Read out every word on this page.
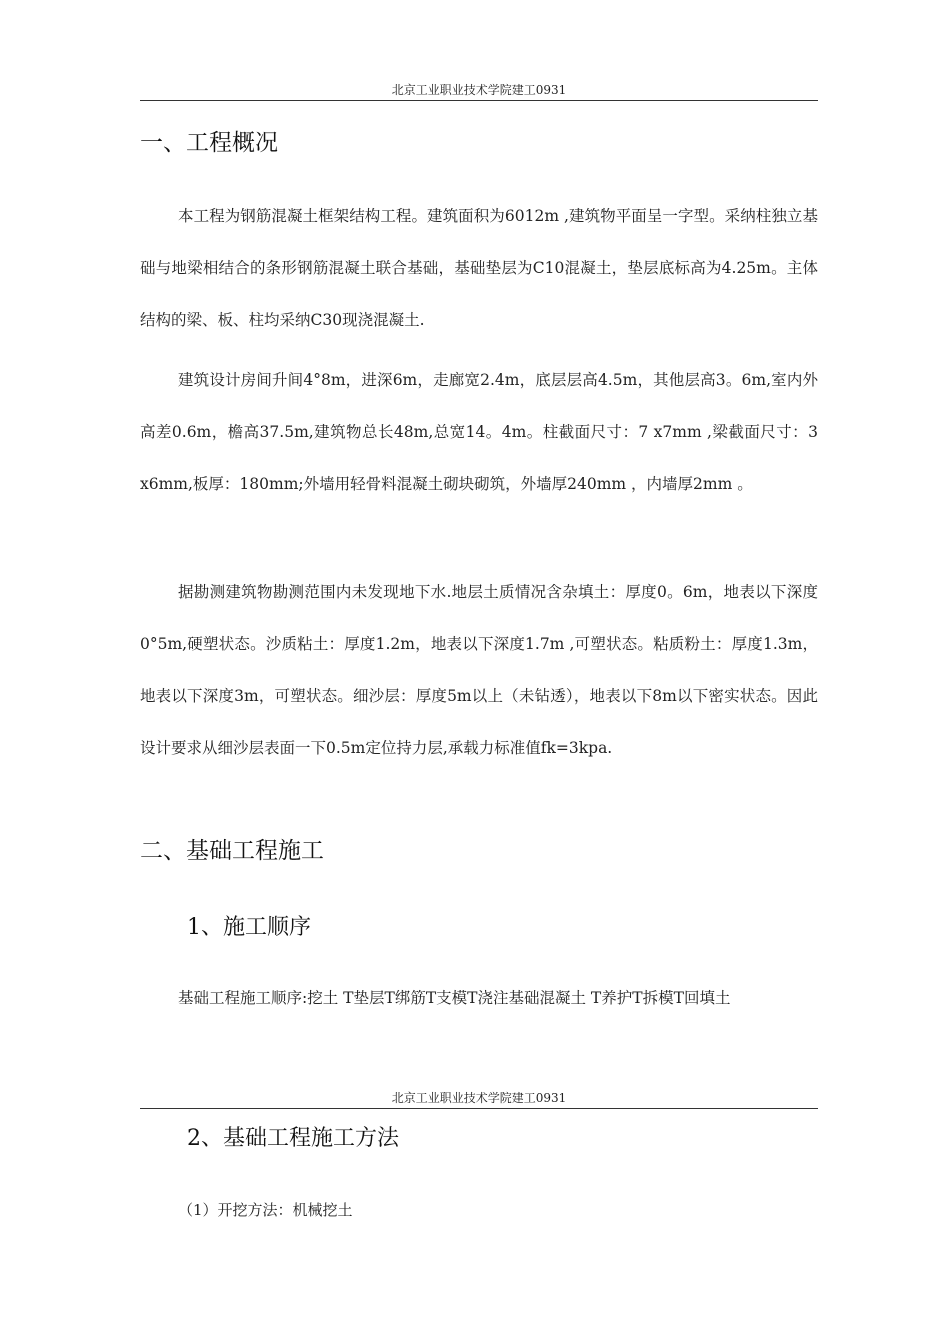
北京工业职业技术学院建工0931
一、工程概况

本工程为钢筋混凝土框架结构工程。建筑面积为6012m ,建筑物平面呈一字型。采纳柱独立基础与地梁相结合的条形钢筋混凝土联合基础，基础垫层为C10混凝土，垫层底标高为4.25m。主体结构的梁、板、柱均采纳C30现浇混凝土.

建筑设计房间升间4°8m，进深6m，走廊宽2.4m，底层层高4.5m，其他层高3。6m,室内外高差0.6m，檐高37.5m,建筑物总长48m,总宽14。4m。柱截面尺寸：7 x7mm ,梁截面尺寸：3 x6mm,板厚：180mm;外墙用轻骨料混凝土砌块砌筑，外墙厚240mm ，内墙厚2mm 。

据勘测建筑物勘测范围内未发现地下水.地层土质情况含杂填土：厚度0。6m，地表以下深度0°5m,硬塑状态。沙质粘土：厚度1.2m，地表以下深度1.7m ,可塑状态。粘质粉土：厚度1.3m，地表以下深度3m，可塑状态。细沙层：厚度5m以上（未钻透），地表以下8m以下密实状态。因此设计要求从细沙层表面一下0.5m定位持力层,承载力标准值fk=3kpa.

二、基础工程施工
1、施工顺序

基础工程施工顺序:挖土 T垫层T绑筋T支模T浇注基础混凝土 T养护T拆模T回填土

北京工业职业技术学院建工0931
2、基础工程施工方法

（1）开挖方法：机械挖土
